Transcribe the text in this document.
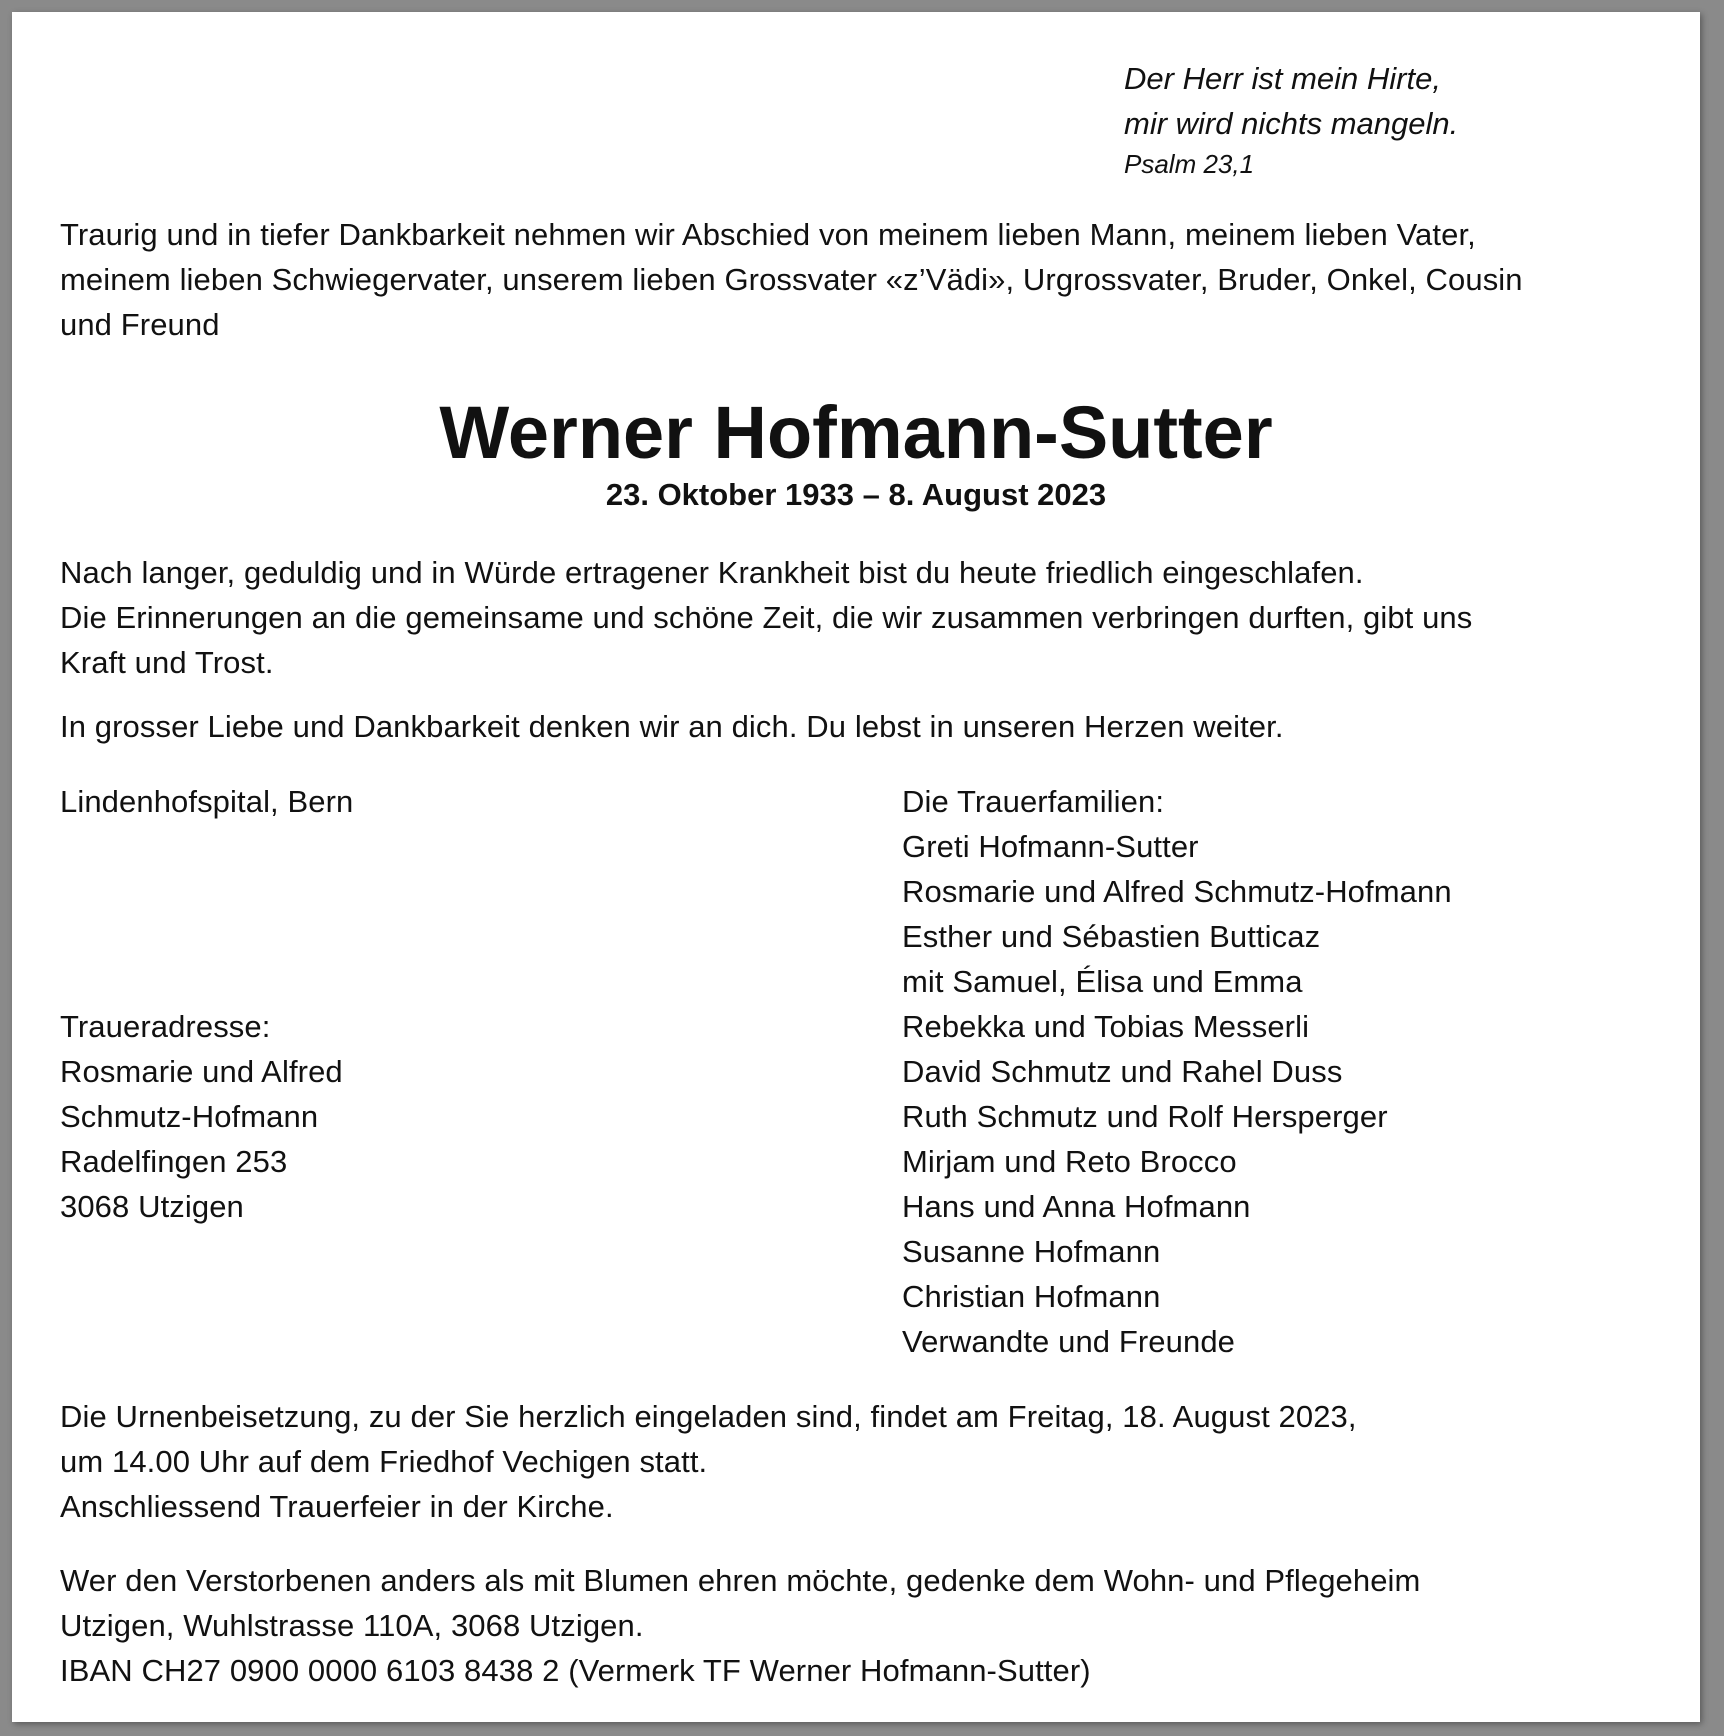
Der Herr ist mein Hirte,
mir wird nichts mangeln.
Psalm 23,1
Traurig und in tiefer Dankbarkeit nehmen wir Abschied von meinem lieben Mann, meinem lieben Vater,
meinem lieben Schwiegervater, unserem lieben Grossvater «z’Vädi», Urgrossvater, Bruder, Onkel, Cousin
und Freund
Werner Hofmann-Sutter
23. Oktober 1933 – 8. August 2023
Nach langer, geduldig und in Würde ertragener Krankheit bist du heute friedlich eingeschlafen.
Die Erinnerungen an die gemeinsame und schöne Zeit, die wir zusammen verbringen durften, gibt uns
Kraft und Trost.
In grosser Liebe und Dankbarkeit denken wir an dich. Du lebst in unseren Herzen weiter.
Lindenhofspital, Bern
Traueradresse:
Rosmarie und Alfred
Schmutz-Hofmann
Radelfingen 253
3068 Utzigen
Die Trauerfamilien:
Greti Hofmann-Sutter
Rosmarie und Alfred Schmutz-Hofmann
Esther und Sébastien Butticaz
mit Samuel, Élisa und Emma
Rebekka und Tobias Messerli
David Schmutz und Rahel Duss
Ruth Schmutz und Rolf Hersperger
Mirjam und Reto Brocco
Hans und Anna Hofmann
Susanne Hofmann
Christian Hofmann
Verwandte und Freunde
Die Urnenbeisetzung, zu der Sie herzlich eingeladen sind, findet am Freitag, 18. August 2023,
um 14.00 Uhr auf dem Friedhof Vechigen statt.
Anschliessend Trauerfeier in der Kirche.
Wer den Verstorbenen anders als mit Blumen ehren möchte, gedenke dem Wohn- und Pflegeheim
Utzigen, Wuhlstrasse 110A, 3068 Utzigen.
IBAN CH27 0900 0000 6103 8438 2 (Vermerk TF Werner Hofmann-Sutter)
